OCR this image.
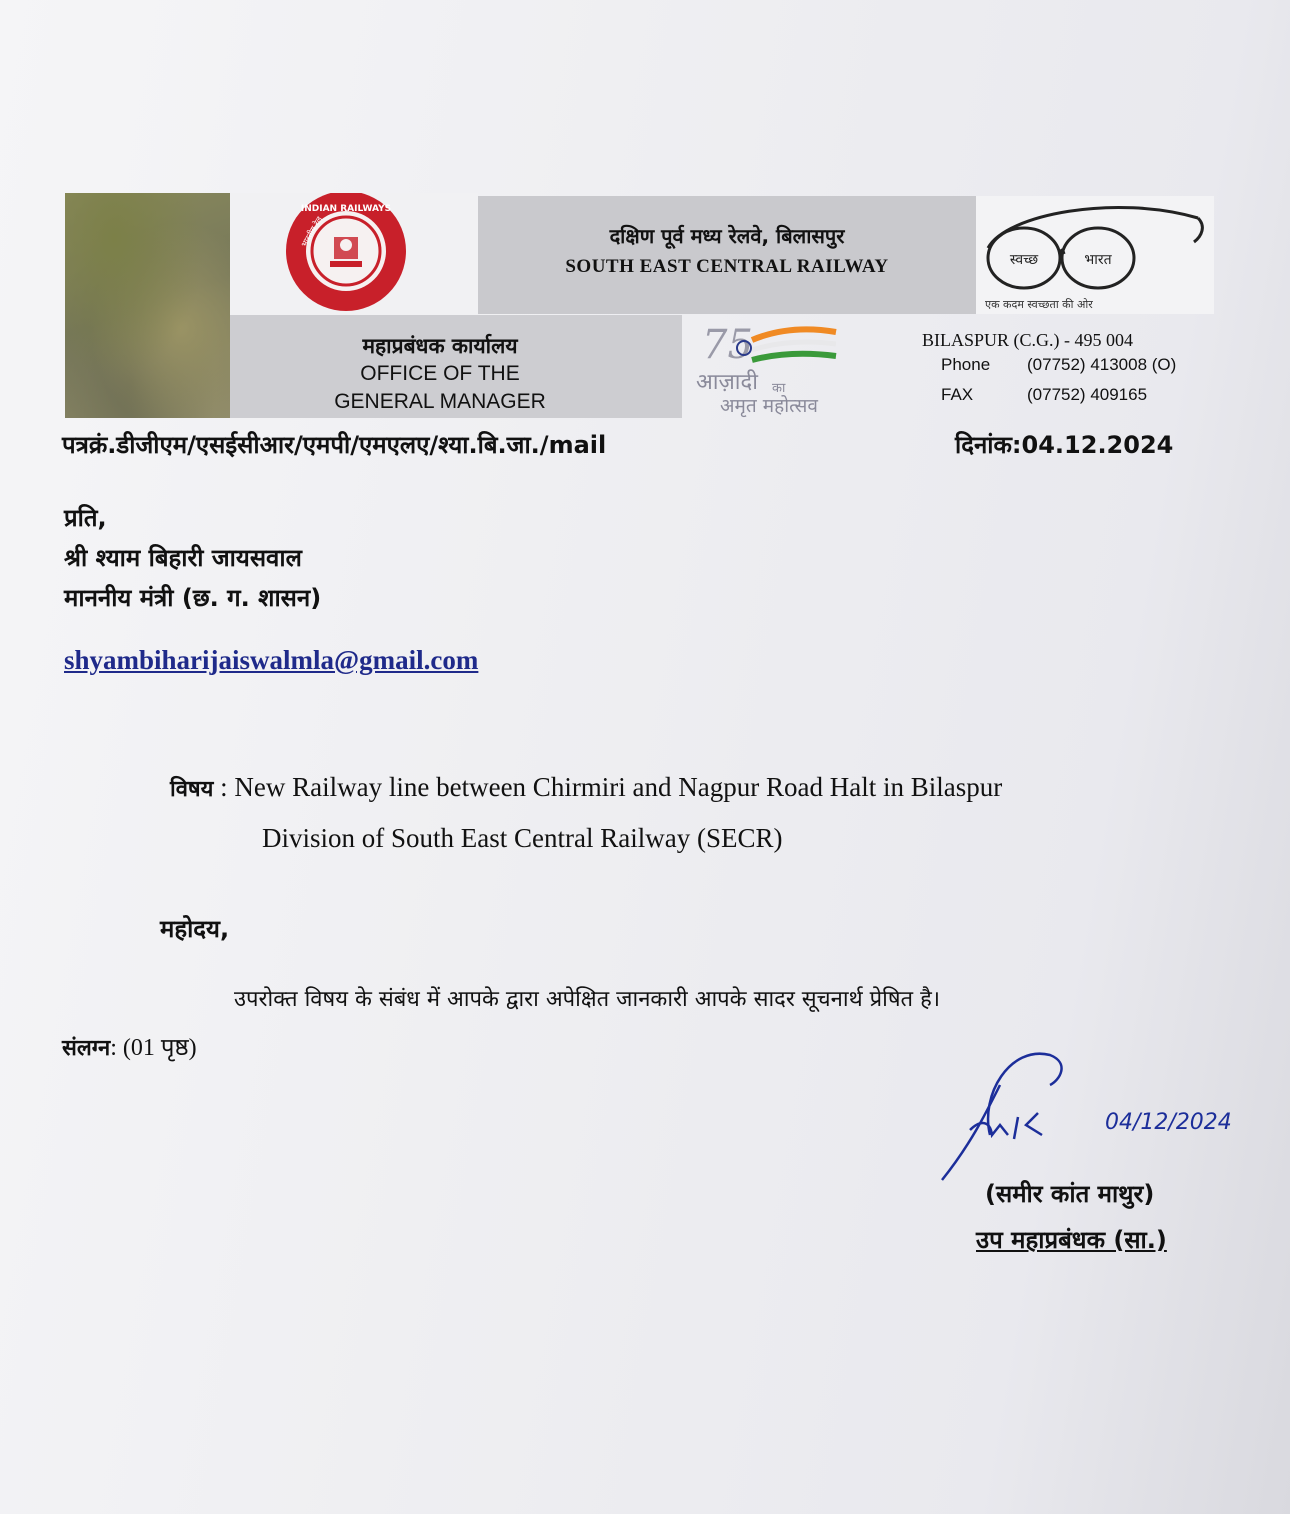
INDIAN RAILWAYS
भारतीय रेल
स्वच्छ	भारत
एक कदम स्वच्छता की ओर
दक्षिण पूर्व मध्य रेलवे, बिलासपुर
SOUTH EAST CENTRAL RAILWAY
महाप्रबंधक कार्यालय
OFFICE OF THE
GENERAL MANAGER
75
आज़ादी का
अमृत महोत्सव
BILASPUR (C.G.) - 495 004
Phone (07752) 413008 (O)
FAX	(07752) 409165
पत्रक्रं.डीजीएम/एसईसीआर/एमपी/एमएलए/श्या.बि.जा./mail	दिनांक:04.12.2024
प्रति,
श्री श्याम बिहारी जायसवाल
माननीय मंत्री (छ. ग. शासन)
shyambiharijaiswalmla@gmail.com
विषय : New Railway line between Chirmiri and Nagpur Road Halt in Bilaspur
Division of South East Central Railway (SECR)
महोदय,
उपरोक्त विषय के संबंध में आपके द्वारा अपेक्षित जानकारी आपके सादर सूचनार्थ प्रेषित है।
संलग्न: (01 पृष्ठ)
04/12/2024
(समीर कांत माथुर)
उप महाप्रबंधक (सा.)
